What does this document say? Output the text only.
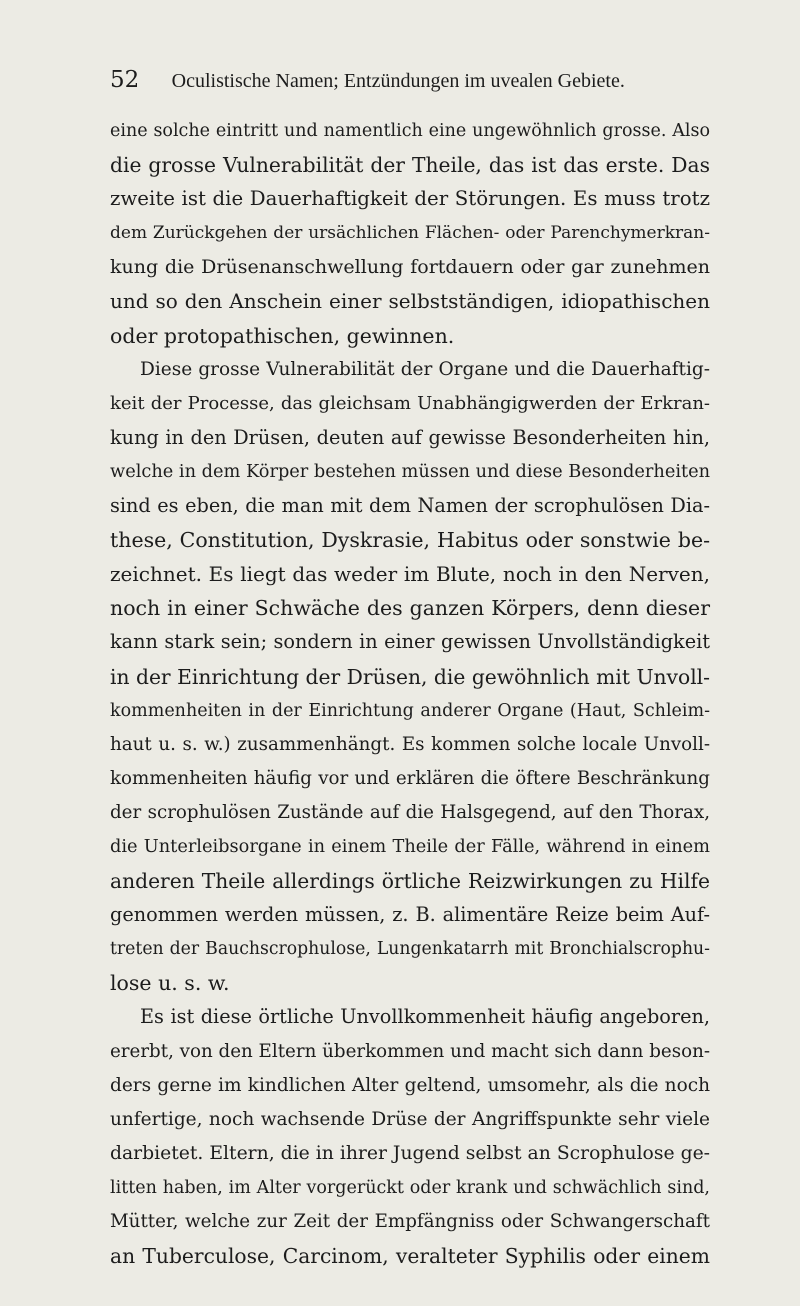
52 Oculistische Namen; Entzündungen im uvealen Gebiete.
eine solche eintritt und namentlich eine ungewöhnlich grosse. Also
die grosse Vulnerabilität der Theile, das ist das erste. Das
zweite ist die Dauerhaftigkeit der Störungen. Es muss trotz
dem Zurückgehen der ursächlichen Flächen- oder Parenchymerkran-
kung die Drüsenanschwellung fortdauern oder gar zunehmen
und so den Anschein einer selbstständigen, idiopathischen
oder protopathischen, gewinnen.
Diese grosse Vulnerabilität der Organe und die Dauerhaftig-
keit der Processe, das gleichsam Unabhängigwerden der Erkran-
kung in den Drüsen, deuten auf gewisse Besonderheiten hin,
welche in dem Körper bestehen müssen und diese Besonderheiten
sind es eben, die man mit dem Namen der scrophulösen Dia-
these, Constitution, Dyskrasie, Habitus oder sonstwie be-
zeichnet. Es liegt das weder im Blute, noch in den Nerven,
noch in einer Schwäche des ganzen Körpers, denn dieser
kann stark sein; sondern in einer gewissen Unvollständigkeit
in der Einrichtung der Drüsen, die gewöhnlich mit Unvoll-
kommenheiten in der Einrichtung anderer Organe (Haut, Schleim-
haut u. s. w.) zusammenhängt. Es kommen solche locale Unvoll-
kommenheiten häufig vor und erklären die öftere Beschränkung
der scrophulösen Zustände auf die Halsgegend, auf den Thorax,
die Unterleibsorgane in einem Theile der Fälle, während in einem
anderen Theile allerdings örtliche Reizwirkungen zu Hilfe
genommen werden müssen, z. B. alimentäre Reize beim Auf-
treten der Bauchscrophulose, Lungenkatarrh mit Bronchialscrophu-
lose u. s. w.
Es ist diese örtliche Unvollkommenheit häufig angeboren,
ererbt, von den Eltern überkommen und macht sich dann beson-
ders gerne im kindlichen Alter geltend, umsomehr, als die noch
unfertige, noch wachsende Drüse der Angriffspunkte sehr viele
darbietet. Eltern, die in ihrer Jugend selbst an Scrophulose ge-
litten haben, im Alter vorgerückt oder krank und schwächlich sind,
Mütter, welche zur Zeit der Empfängniss oder Schwangerschaft
an Tuberculose, Carcinom, veralteter Syphilis oder einem
